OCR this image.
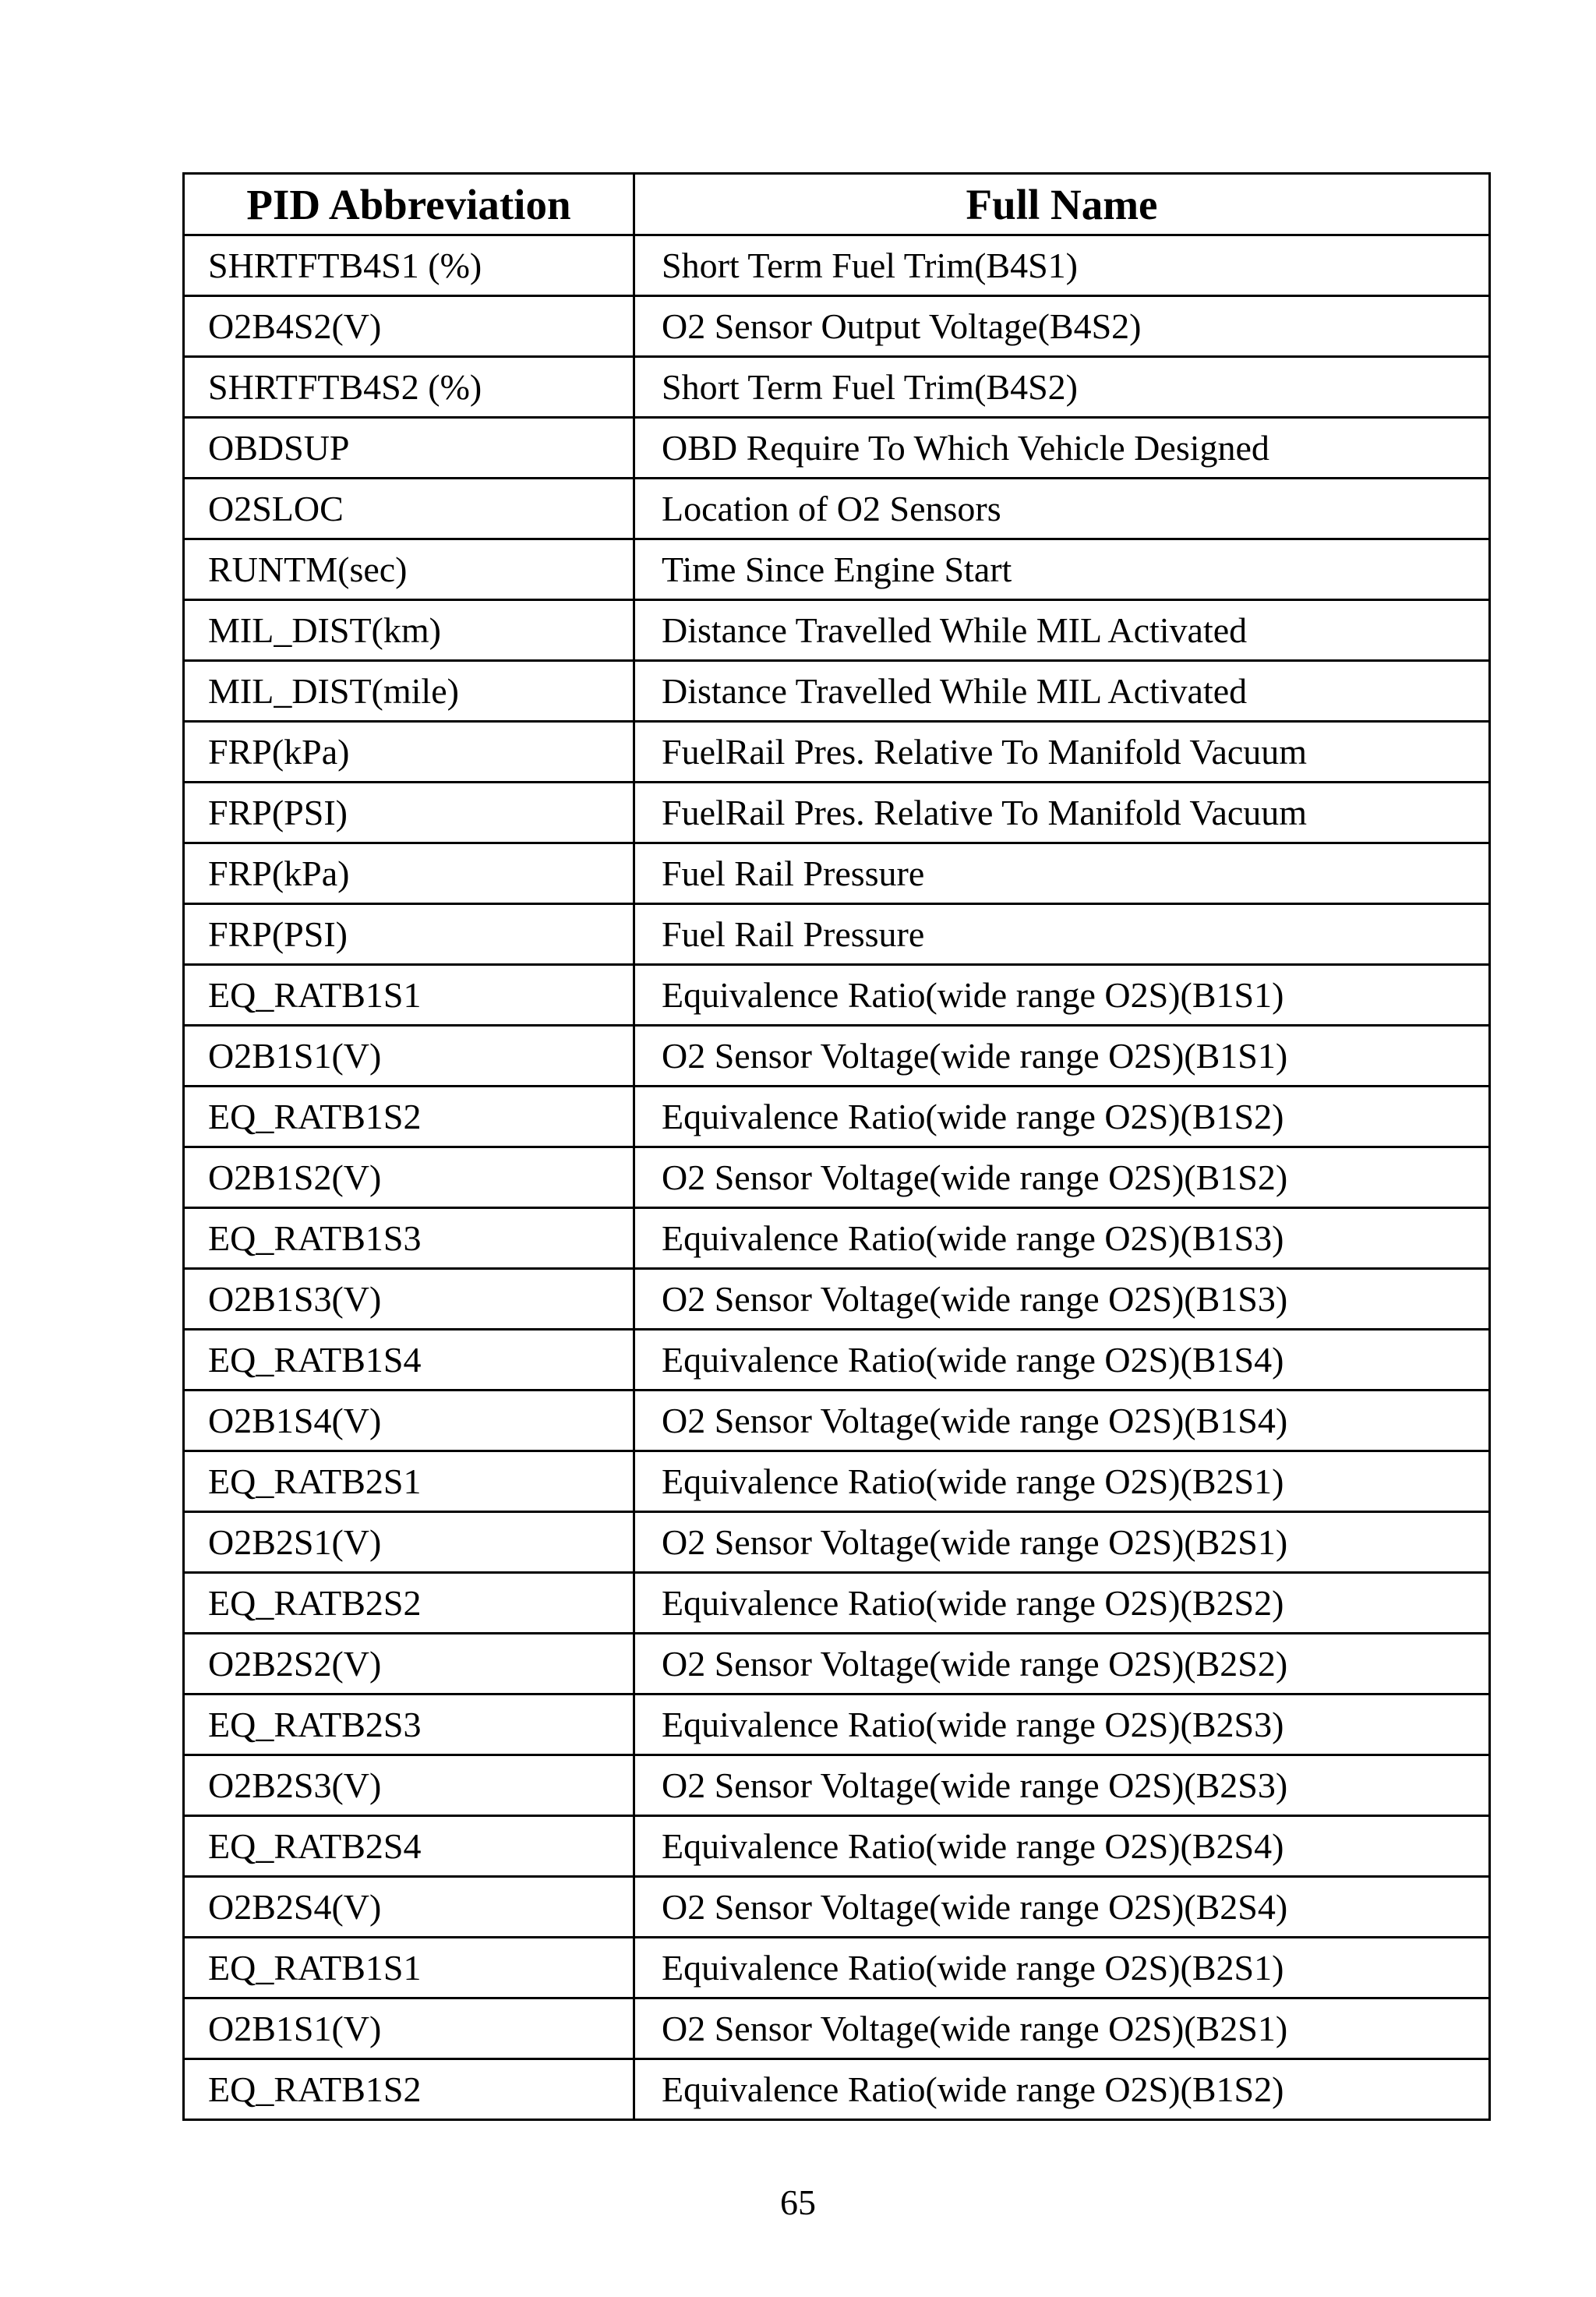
PID Abbreviation	Full Name
SHRTFTB4S1 (%)	Short Term Fuel Trim(B4S1)
O2B4S2(V)	O2 Sensor Output Voltage(B4S2)
SHRTFTB4S2 (%)	Short Term Fuel Trim(B4S2)
OBDSUP	OBD Require To Which Vehicle Designed
O2SLOC	Location of O2 Sensors
RUNTM(sec)	Time Since Engine Start
MIL_DIST(km)	Distance Travelled While MIL Activated
MIL_DIST(mile)	Distance Travelled While MIL Activated
FRP(kPa)	FuelRail Pres. Relative To Manifold Vacuum
FRP(PSI)	FuelRail Pres. Relative To Manifold Vacuum
FRP(kPa)	Fuel Rail Pressure
FRP(PSI)	Fuel Rail Pressure
EQ_RATB1S1	Equivalence Ratio(wide range O2S)(B1S1)
O2B1S1(V)	O2 Sensor Voltage(wide range O2S)(B1S1)
EQ_RATB1S2	Equivalence Ratio(wide range O2S)(B1S2)
O2B1S2(V)	O2 Sensor Voltage(wide range O2S)(B1S2)
EQ_RATB1S3	Equivalence Ratio(wide range O2S)(B1S3)
O2B1S3(V)	O2 Sensor Voltage(wide range O2S)(B1S3)
EQ_RATB1S4	Equivalence Ratio(wide range O2S)(B1S4)
O2B1S4(V)	O2 Sensor Voltage(wide range O2S)(B1S4)
EQ_RATB2S1	Equivalence Ratio(wide range O2S)(B2S1)
O2B2S1(V)	O2 Sensor Voltage(wide range O2S)(B2S1)
EQ_RATB2S2	Equivalence Ratio(wide range O2S)(B2S2)
O2B2S2(V)	O2 Sensor Voltage(wide range O2S)(B2S2)
EQ_RATB2S3	Equivalence Ratio(wide range O2S)(B2S3)
O2B2S3(V)	O2 Sensor Voltage(wide range O2S)(B2S3)
EQ_RATB2S4	Equivalence Ratio(wide range O2S)(B2S4)
O2B2S4(V)	O2 Sensor Voltage(wide range O2S)(B2S4)
EQ_RATB1S1	Equivalence Ratio(wide range O2S)(B2S1)
O2B1S1(V)	O2 Sensor Voltage(wide range O2S)(B2S1)
EQ_RATB1S2	Equivalence Ratio(wide range O2S)(B1S2)
65
